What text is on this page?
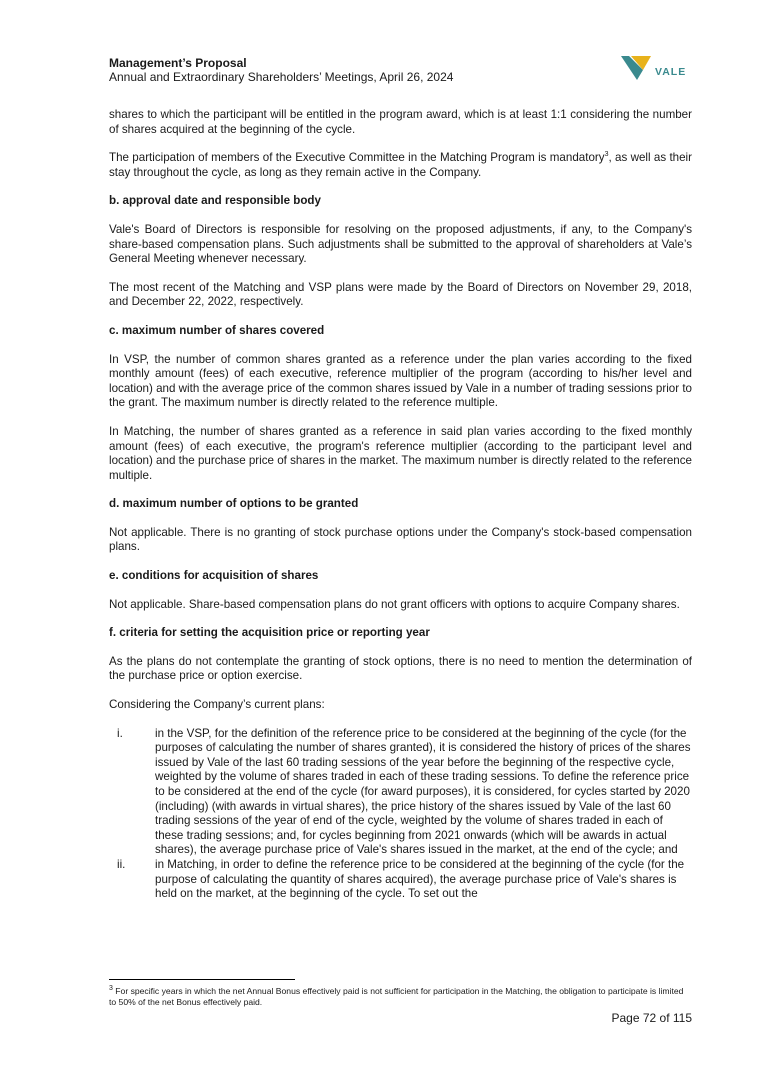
Management’s Proposal
Annual and Extraordinary Shareholders’ Meetings, April 26, 2024	VALE

shares to which the participant will be entitled in the program award, which is at least 1:1 considering the number of shares acquired at the beginning of the cycle.

The participation of members of the Executive Committee in the Matching Program is mandatory$^3$, as well as their stay throughout the cycle, as long as they remain active in the Company.

b. approval date and responsible body

Vale's Board of Directors is responsible for resolving on the proposed adjustments, if any, to the Company's share-based compensation plans. Such adjustments shall be submitted to the approval of shareholders at Vale’s General Meeting whenever necessary.

The most recent of the Matching and VSP plans were made by the Board of Directors on November 29, 2018, and December 22, 2022, respectively.

c. maximum number of shares covered

In VSP, the number of common shares granted as a reference under the plan varies according to the fixed monthly amount (fees) of each executive, reference multiplier of the program (according to his/her level and location) and with the average price of the common shares issued by Vale in a number of trading sessions prior to the grant. The maximum number is directly related to the reference multiple.

In Matching, the number of shares granted as a reference in said plan varies according to the fixed monthly amount (fees) of each executive, the program's reference multiplier (according to the participant level and location) and the purchase price of shares in the market. The maximum number is directly related to the reference multiple.

d. maximum number of options to be granted

Not applicable. There is no granting of stock purchase options under the Company's stock-based compensation plans.

e. conditions for acquisition of shares

Not applicable. Share-based compensation plans do not grant officers with options to acquire Company shares.

f. criteria for setting the acquisition price or reporting year

As the plans do not contemplate the granting of stock options, there is no need to mention the determination of the purchase price or option exercise.

Considering the Company’s current plans:

i.	in the VSP, for the definition of the reference price to be considered at the beginning of the cycle (for the purposes of calculating the number of shares granted), it is considered the history of prices of the shares issued by Vale of the last 60 trading sessions of the year before the beginning of the respective cycle, weighted by the volume of shares traded in each of these trading sessions. To define the reference price to be considered at the end of the cycle (for award purposes), it is considered, for cycles started by 2020 (including) (with awards in virtual shares), the price history of the shares issued by Vale of the last 60 trading sessions of the year of end of the cycle, weighted by the volume of shares traded in each of these trading sessions; and, for cycles beginning from 2021 onwards (which will be awards in actual shares), the average purchase price of Vale's shares issued in the market, at the end of the cycle; and
ii.	in Matching, in order to define the reference price to be considered at the beginning of the cycle (for the purpose of calculating the quantity of shares acquired), the average purchase price of Vale's shares is held on the market, at the beginning of the cycle. To set out the
$^3$ For specific years in which the net Annual Bonus effectively paid is not sufficient for participation in the Matching, the obligation to participate is limited to 50% of the net Bonus effectively paid.
Page 72 of 115
